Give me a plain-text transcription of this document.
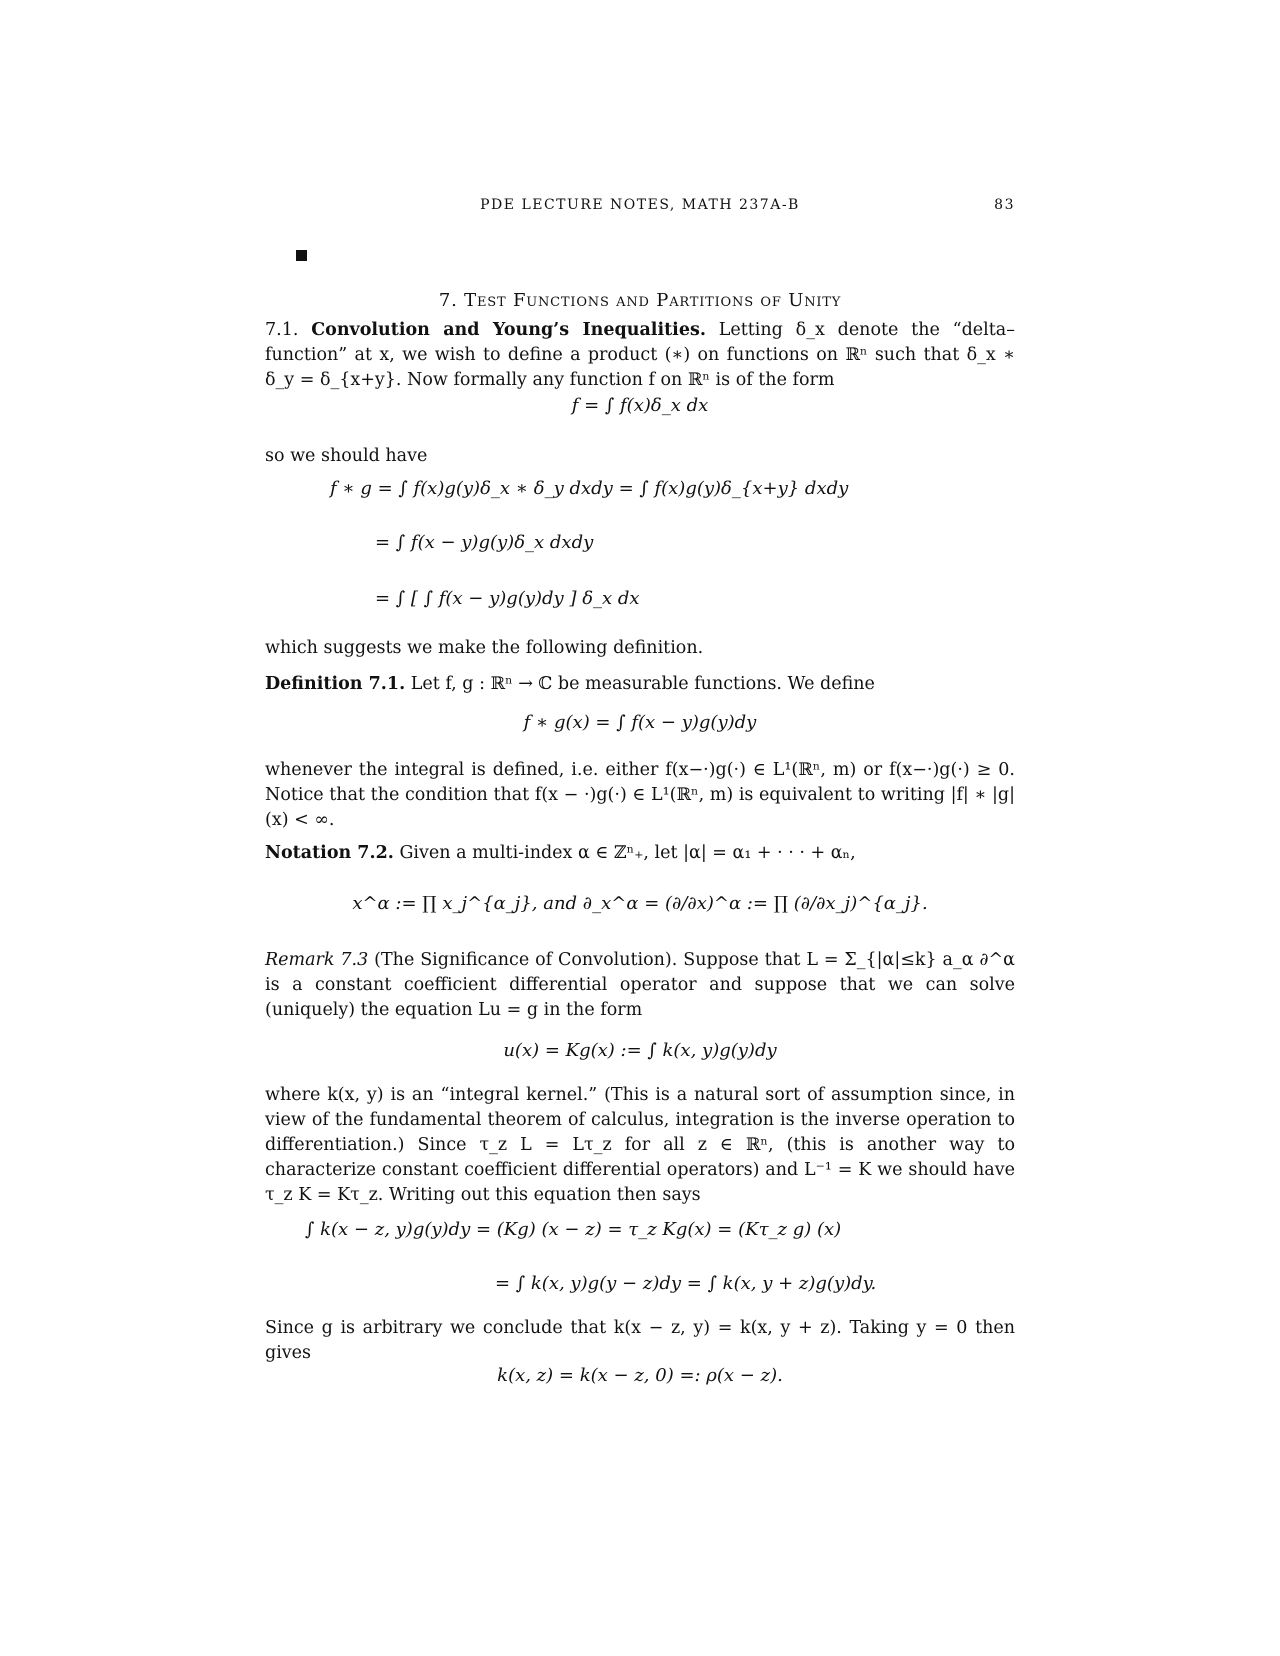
PDE LECTURE NOTES, MATH 237A-B	83
7. Test Functions and Partitions of Unity
7.1. Convolution and Young’s Inequalities. Letting δ_x denote the “delta–function” at x, we wish to define a product (∗) on functions on ℝⁿ such that δ_x ∗ δ_y = δ_{x+y}. Now formally any function f on ℝⁿ is of the form
f = ∫ f(x)δ_x dx
so we should have
f ∗ g = ∫ f(x)g(y)δ_x ∗ δ_y dxdy = ∫ f(x)g(y)δ_{x+y} dxdy
= ∫ f(x − y)g(y)δ_x dxdy
= ∫ [ ∫ f(x − y)g(y)dy ] δ_x dx
which suggests we make the following definition.
Definition 7.1. Let f, g : ℝⁿ → ℂ be measurable functions. We define
f ∗ g(x) = ∫ f(x − y)g(y)dy
whenever the integral is defined, i.e. either f(x−·)g(·) ∈ L¹(ℝⁿ, m) or f(x−·)g(·) ≥ 0. Notice that the condition that f(x − ·)g(·) ∈ L¹(ℝⁿ, m) is equivalent to writing |f| ∗ |g| (x) < ∞.
Notation 7.2. Given a multi-index α ∈ ℤⁿ₊, let |α| = α₁ + · · · + αₙ,
x^α := ∏ x_j^{α_j}, and ∂_x^α = (∂/∂x)^α := ∏ (∂/∂x_j)^{α_j}.
Remark 7.3 (The Significance of Convolution). Suppose that L = Σ_{|α|≤k} a_α ∂^α is a constant coefficient differential operator and suppose that we can solve (uniquely) the equation Lu = g in the form
u(x) = Kg(x) := ∫ k(x, y)g(y)dy
where k(x, y) is an “integral kernel.” (This is a natural sort of assumption since, in view of the fundamental theorem of calculus, integration is the inverse operation to differentiation.) Since τ_z L = Lτ_z for all z ∈ ℝⁿ, (this is another way to characterize constant coefficient differential operators) and L⁻¹ = K we should have τ_z K = Kτ_z. Writing out this equation then says
∫ k(x − z, y)g(y)dy = (Kg) (x − z) = τ_z Kg(x) = (Kτ_z g) (x)
= ∫ k(x, y)g(y − z)dy = ∫ k(x, y + z)g(y)dy.
Since g is arbitrary we conclude that k(x − z, y) = k(x, y + z). Taking y = 0 then gives
k(x, z) = k(x − z, 0) =: ρ(x − z).
